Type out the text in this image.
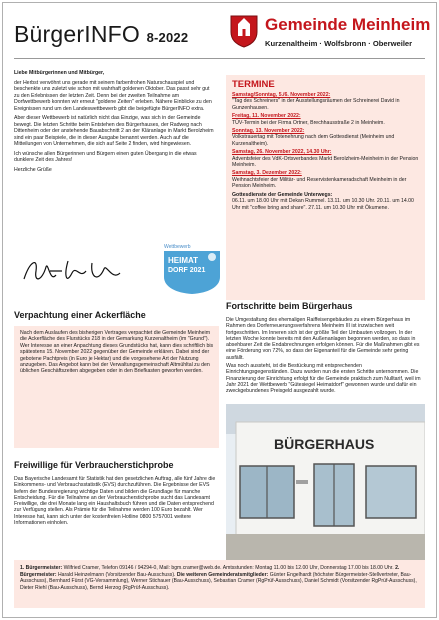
BürgerINFO 8-2022
Gemeinde Meinheim
Kurzenaltheim · Wolfsbronn · Oberweiler

Liebe Mitbürgerinnen und Mitbürger,

der Herbst verwöhnt uns gerade mit seinem farbenfrohen Naturschauspiel und beschenkte uns zuletzt wie schon mit wahrhaft goldenen Oktober. Das passt sehr gut zu den Erlebnissen der letzten Zeit. Denn bei der zweiten Teilnahme am Dorfwettbewerb konnten wir erneut "goldene Zeiten" erleben. Nähere Einblicke zu den Ereignissen rund um den Landeswettbewerb gibt die beigefügte BürgerINFO extra.

Aber dieser Wettbewerb ist natürlich nicht das Einzige, was sich in der Gemeinde bewegt. Die letzten Schritte beim Entstehen des Bürgerhauses, der Radweg nach Dittenheim oder der anstehende Bauabschnitt 2 an der Kläranlage in Markt Berolzheim sind ein paar Beispiele, die in dieser Ausgabe benannt werden. Auch auf die Mitteilungen von Unternehmen, die sich auf Seite 2 finden, wird hingewiesen.

Ich wünsche allen Bürgerinnen und Bürgern einen guten Übergang in die etwas dunklere Zeit des Jahres!

Herzliche Grüße

Wettbewerb
HEIMAT
DORF 2021
TERMINE
Samstag/Sonntag, 5./6. November 2022:
"Tag des Schreiners" in der Ausstellungsräumen der Schreinerei David in Gunzenhausen.
Freitag, 11. November 2022:
TÜV-Termin bei der Firma Ortner, Brechhausstraße 2 in Meinheim.
Sonntag, 13. November 2022:
Volkstrauertag mit Totenehrung nach dem Gottesdienst (Meinheim und Kurzenaltheim).
Samstag, 26. November 2022, 14.30 Uhr:
Adventsfeier des VdK-Ortsverbandes Markt Berolzheim-Meinheim in der Pension Meinheim.
Samstag, 3. Dezember 2022:
Weihnachtsfeier der Militär- und Reservistenkameradschaft Meinheim in der Pension Meinheim.
Gottesdienste der Gemeinde Unterwegs:
06.11. um 18.00 Uhr mit Dekan Rummel. 13.11. um 10.30 Uhr. 20.11. um 14.00 Uhr mit "coffee bring and share". 27.11. um 10.30 Uhr mit Ökumene.
Verpachtung einer Ackerfläche
Nach dem Auslaufen des bisherigen Vertrages verpachtet die Gemeinde Meinheim die Ackerfläche des Flurstücks 218 in der Gemarkung Kurzenaltheim (im "Grund"). Wer Interesse an einer Anpachtung dieses Grundstücks hat, kann dies schriftlich bis spätestens 15. November 2022 gegenüber der Gemeinde erklären. Dabei sind der gebotene Pachtpreis (in Euro je Hektar) und die vorgesehene Art der Nutzung anzugeben. Das Angebot kann bei der Verwaltungsgemeinschaft Altmühltal zu den üblichen Geschäftszeiten abgegeben oder in den Briefkasten geworfen werden.
Freiwillige für Verbraucherstichprobe
Das Bayerische Landesamt für Statistik hat den gesetzlichen Auftrag, alle fünf Jahre die Einkommens- und Verbrauchsstatistik (EVS) durchzuführen. Die Ergebnisse der EVS liefern der Bundesregierung wichtige Daten und bilden die Grundlage für manche Entscheidung. Für die Teilnahme an der Verbraucherstichprobe sucht das Landesamt Freiwillige, die drei Monate lang ein Haushaltsbuch führen und die Daten entsprechend zur Verfügung stellen. Als Prämie für die Teilnahme werden 100 Euro bezahlt. Wer Interesse hat, kann sich unter der kostenfreien Hotline 0800 5757001 weitere Informationen einholen.
Fortschritte beim Bürgerhaus
Die Umgestaltung des ehemaligen Raiffeisengebäudes zu einem Bürgerhaus im Rahmen des Dorferneuerungsverfahrens Meinheim III ist inzwischen weit fortgeschritten. Im Inneren sich ist der größte Teil der Umbauten vollzogen. In der letzten Woche konnte bereits mit den Außenanlagen begonnen werden, so dass in absehbarer Zeit die Endabrechnungen erfolgen können. Für die Maßnahmen gibt es eine Förderung von 72%, so dass der Eigenanteil für die Gemeinde sehr gering ausfällt.
Was noch aussteht, ist die Bestückung mit entsprechenden Einrichtungsgegenständen. Dazu wurden nun die ersten Schritte unternommen. Die Finanzierung der Einrichtung erfolgt für die Gemeinde praktisch zum Nulltarif, weil im Jahr 2021 der Wettbewerb "Gütesiegel Heimatdorf" gewonnen wurde und dafür ein zweckgebundenes Preisgeld ausgezahlt wurde.
BÜRGERHAUS
1. Bürgermeister: Wilfried Cramer, Telefon 09146 / 94294-0, Mail: bgm.cramer@web.de. Amtsstunden: Montag 11.00 bis 12.00 Uhr, Donnerstag 17.00 bis 18.00 Uhr. 2. Bürgermeister: Harald Heinzelmann (Vorsitzender Bau-Ausschuss). Die weiteren Gemeinderatsmitglieder: Günter Engelhardt (höchster Bürgermeister-Stellvertreter, Bau-Ausschuss), Bernhard Fürst (VG-Versammlung), Werner Stichauer (Bau-Ausschuss), Sebastian Cramer (RgPrüf-Ausschuss), Daniel Schmidt (Vorsitzender RgPrüf-Ausschuss), Dieter Riehl (Bau-Ausschuss), Bernd Herzog (RgPrüf-Ausschuss).
